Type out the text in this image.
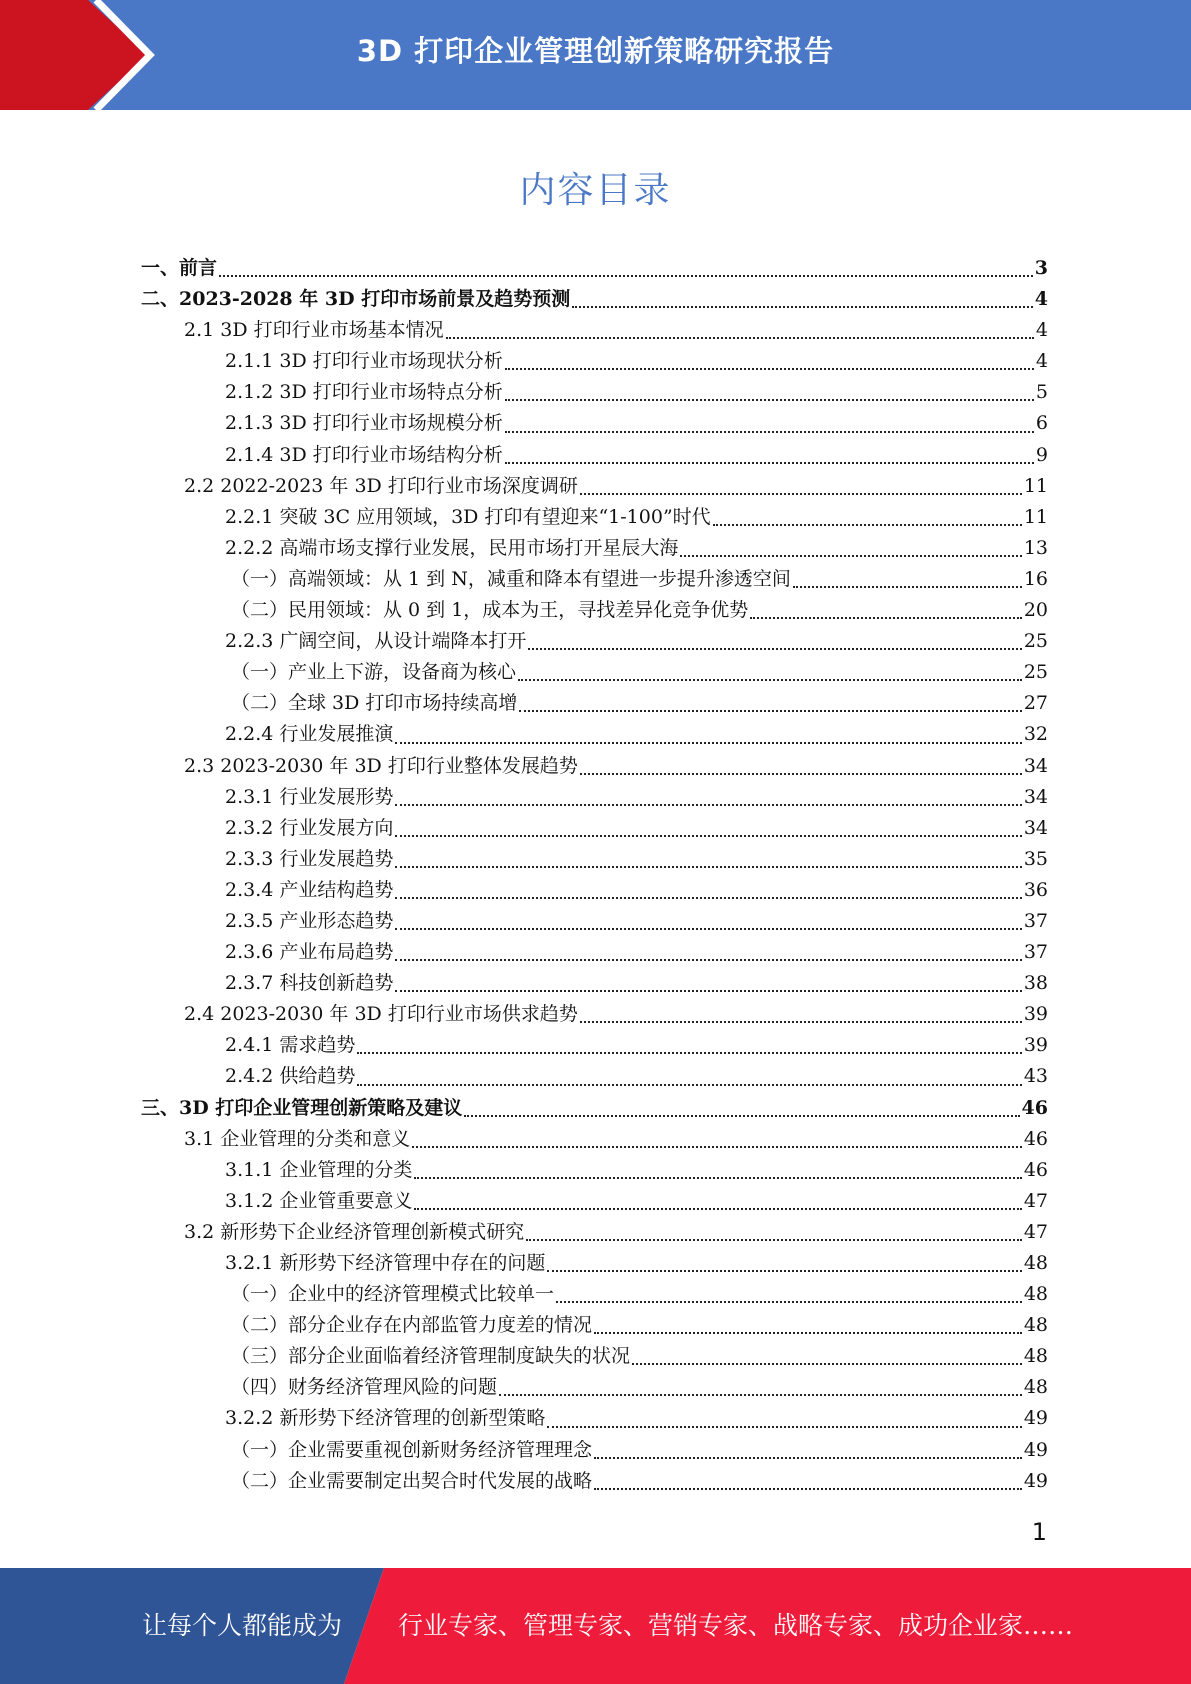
3D 打印企业管理创新策略研究报告
内容目录
一、前言	3
二、2023-2028 年 3D 打印市场前景及趋势预测	4
2.1 3D 打印行业市场基本情况	4
2.1.1 3D 打印行业市场现状分析	4
2.1.2 3D 打印行业市场特点分析	5
2.1.3 3D 打印行业市场规模分析	6
2.1.4 3D 打印行业市场结构分析	9
2.2 2022-2023 年 3D 打印行业市场深度调研	11
2.2.1 突破 3C 应用领域，3D 打印有望迎来“1-100”时代	11
2.2.2 高端市场支撑行业发展，民用市场打开星辰大海	13
（一）高端领域：从 1 到 N，减重和降本有望进一步提升渗透空间	16
（二）民用领域：从 0 到 1，成本为王，寻找差异化竞争优势	20
2.2.3 广阔空间，从设计端降本打开	25
（一）产业上下游，设备商为核心	25
（二）全球 3D 打印市场持续高增	27
2.2.4 行业发展推演	32
2.3 2023-2030 年 3D 打印行业整体发展趋势	34
2.3.1 行业发展形势	34
2.3.2 行业发展方向	34
2.3.3 行业发展趋势	35
2.3.4 产业结构趋势	36
2.3.5 产业形态趋势	37
2.3.6 产业布局趋势	37
2.3.7 科技创新趋势	38
2.4 2023-2030 年 3D 打印行业市场供求趋势	39
2.4.1 需求趋势	39
2.4.2 供给趋势	43
三、3D 打印企业管理创新策略及建议	46
3.1 企业管理的分类和意义	46
3.1.1 企业管理的分类	46
3.1.2 企业管重要意义	47
3.2 新形势下企业经济管理创新模式研究	47
3.2.1 新形势下经济管理中存在的问题	48
（一）企业中的经济管理模式比较单一	48
（二）部分企业存在内部监管力度差的情况	48
（三）部分企业面临着经济管理制度缺失的状况	48
（四）财务经济管理风险的问题	48
3.2.2 新形势下经济管理的创新型策略	49
（一）企业需要重视创新财务经济管理理念	49
（二）企业需要制定出契合时代发展的战略	49
1
让每个人都能成为 行业专家、管理专家、营销专家、战略专家、成功企业家……
